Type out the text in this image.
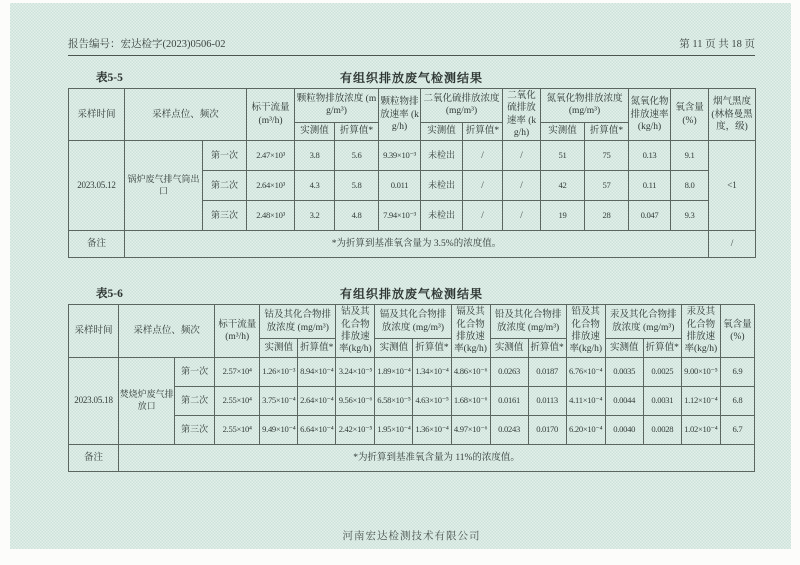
报告编号：宏达检字(2023)0506-02	第 11 页 共 18 页
表5-5	有组织排放废气检测结果
采样时间	采样点位、频次		标干流量 (m³/h)	颗粒物排放浓度 (mg/m³)		颗粒物排放速率 (kg/h)	二氧化硫排放浓度 (mg/m³)		二氧化硫排放速率 (kg/h)	氮氧化物排放浓度 (mg/m³)		氮氧化物排放速率 (kg/h)	氧含量 (%)	烟气黑度 (林格曼黑度，级)
				实测值	折算值*		实测值	折算值*		实测值	折算值*			
2023.05.12	锅炉废气排气筒出口	第一次	2.47×10³	3.8	5.6	9.39×10⁻³	未检出	/	/	51	75	0.13	9.1	<1
		第二次	2.64×10³	4.3	5.8	0.011	未检出	/	/	42	57	0.11	8.0	
		第三次	2.48×10³	3.2	4.8	7.94×10⁻³	未检出	/	/	19	28	0.047	9.3	
备注	*为折算到基准氧含量为 3.5%的浓度值。													/
表5-6	有组织排放废气检测结果
采样时间	采样点位、频次		标干流量 (m³/h)	钴及其化合物排放浓度 (mg/m³)		钴及其化合物排放速率(kg/h)	镉及其化合物排放浓度 (mg/m³)		镉及其化合物排放速率(kg/h)	铅及其化合物排放浓度 (mg/m³)		铅及其化合物排放速率(kg/h)	汞及其化合物排放浓度 (mg/m³)		汞及其化合物排放速率(kg/h)	氧含量 (%)
				实测值	折算值*		实测值	折算值*		实测值	折算值*		实测值	折算值*		
2023.05.18	焚烧炉废气排放口	第一次	2.57×10⁴	1.26×10⁻³	8.94×10⁻⁴	3.24×10⁻⁵	1.89×10⁻⁴	1.34×10⁻⁴	4.86×10⁻⁶	0.0263	0.0187	6.76×10⁻⁴	0.0035	0.0025	9.00×10⁻⁵	6.9
		第二次	2.55×10⁴	3.75×10⁻⁴	2.64×10⁻⁴	9.56×10⁻⁶	6.58×10⁻⁵	4.63×10⁻⁵	1.68×10⁻⁶	0.0161	0.0113	4.11×10⁻⁴	0.0044	0.0031	1.12×10⁻⁴	6.8
		第三次	2.55×10⁴	9.49×10⁻⁴	6.64×10⁻⁴	2.42×10⁻⁵	1.95×10⁻⁴	1.36×10⁻⁴	4.97×10⁻⁶	0.0243	0.0170	6.20×10⁻⁴	0.0040	0.0028	1.02×10⁻⁴	6.7
备注	*为折算到基准氧含量为 11%的浓度值。															
河南宏达检测技术有限公司
